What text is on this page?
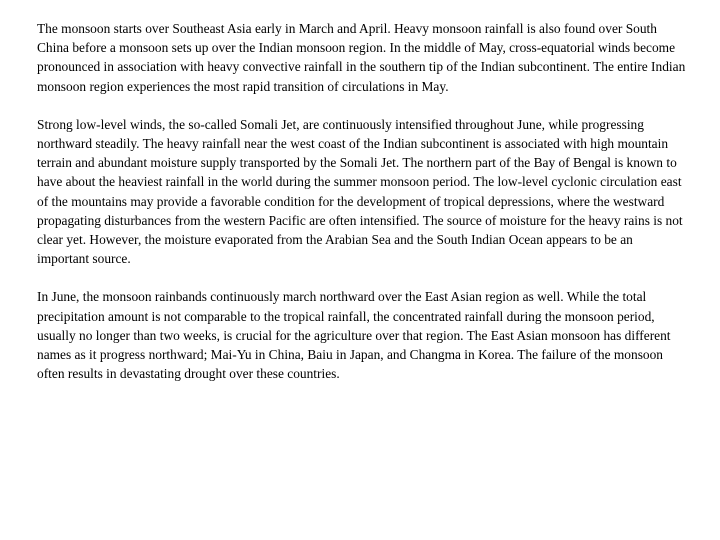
The monsoon starts over Southeast Asia early in March and April. Heavy monsoon rainfall is also found over South China before a monsoon sets up over the Indian monsoon region. In the middle of May, cross-equatorial winds become pronounced in association with heavy convective rainfall in the southern tip of the Indian subcontinent. The entire Indian monsoon region experiences the most rapid transition of circulations in May.

Strong low-level winds, the so-called Somali Jet, are continuously intensified throughout June, while progressing northward steadily. The heavy rainfall near the west coast of the Indian subcontinent is associated with high mountain terrain and abundant moisture supply transported by the Somali Jet. The northern part of the Bay of Bengal is known to have about the heaviest rainfall in the world during the summer monsoon period. The low-level cyclonic circulation east of the mountains may provide a favorable condition for the development of tropical depressions, where the westward propagating disturbances from the western Pacific are often intensified. The source of moisture for the heavy rains is not clear yet. However, the moisture evaporated from the Arabian Sea and the South Indian Ocean appears to be an important source.

In June, the monsoon rainbands continuously march northward over the East Asian region as well. While the total precipitation amount is not comparable to the tropical rainfall, the concentrated rainfall during the monsoon period, usually no longer than two weeks, is crucial for the agriculture over that region. The East Asian monsoon has different names as it progress northward; Mai-Yu in China, Baiu in Japan, and Changma in Korea. The failure of the monsoon often results in devastating drought over these countries.
